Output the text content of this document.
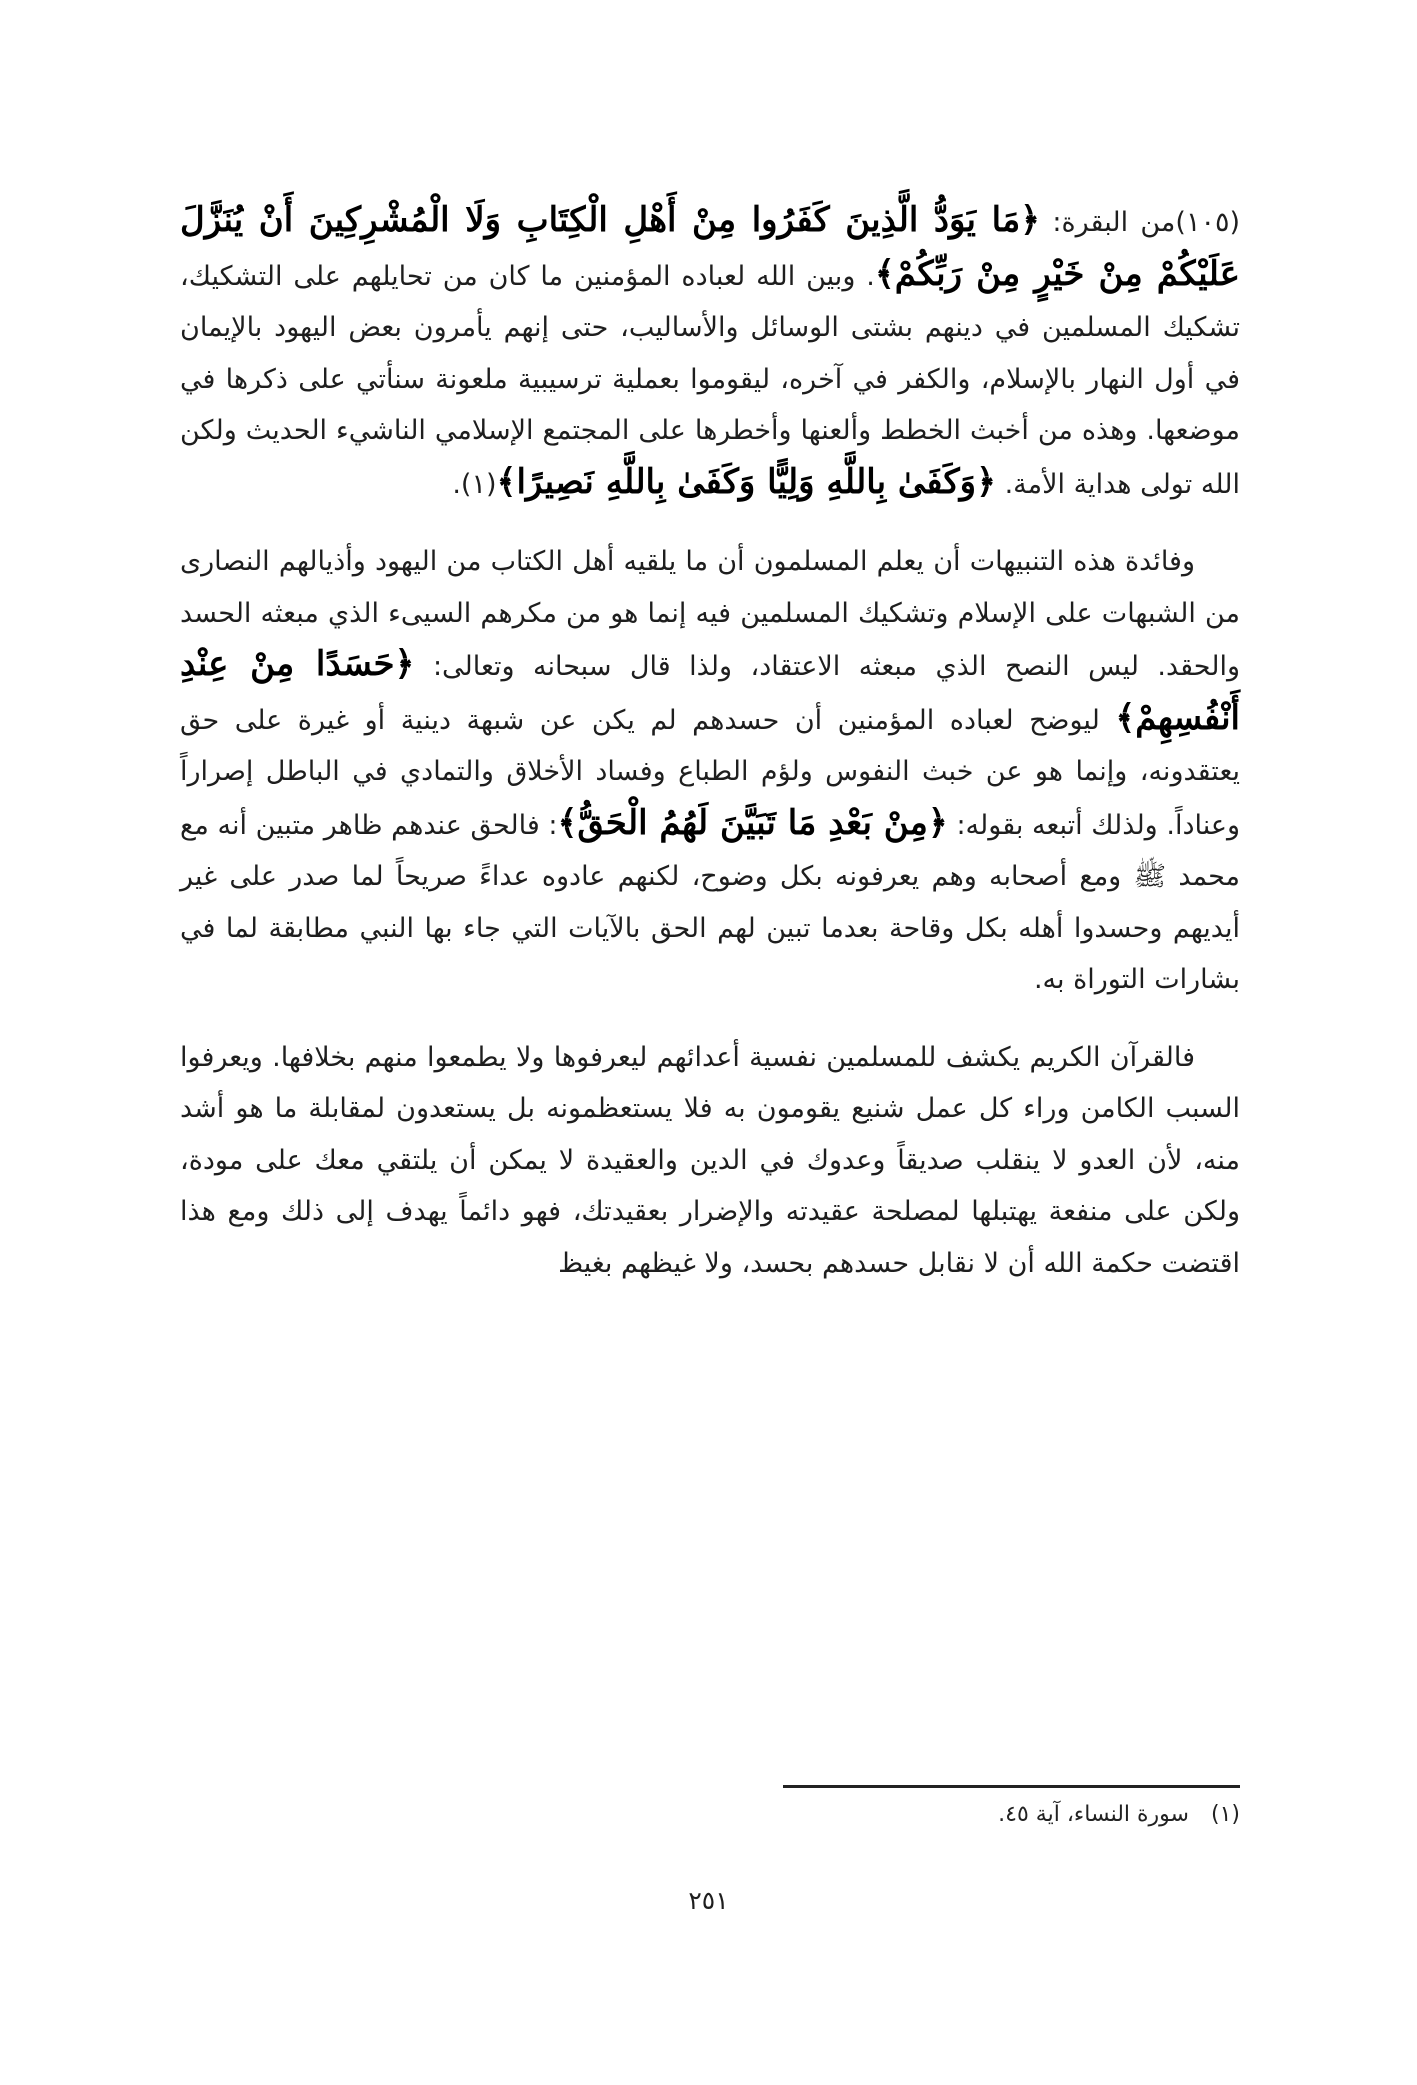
(١٠٥)من البقرة: ﴿مَا يَوَدُّ الَّذِينَ كَفَرُوا مِنْ أَهْلِ الْكِتَابِ وَلَا الْمُشْرِكِينَ أَنْ يُنَزَّلَ عَلَيْكُمْ مِنْ خَيْرٍ مِنْ رَبِّكُمْ﴾. وبين الله لعباده المؤمنين ما كان من تحايلهم على التشكيك، تشكيك المسلمين في دينهم بشتى الوسائل والأساليب، حتى إنهم يأمرون بعض اليهود بالإيمان في أول النهار بالإسلام، والكفر في آخره، ليقوموا بعملية ترسيبية ملعونة سنأتي على ذكرها في موضعها. وهذه من أخبث الخطط وألعنها وأخطرها على المجتمع الإسلامي الناشيء الحديث ولكن الله تولى هداية الأمة. ﴿وَكَفَىٰ بِاللَّهِ وَلِيًّا وَكَفَىٰ بِاللَّهِ نَصِيرًا﴾(١).

وفائدة هذه التنبيهات أن يعلم المسلمون أن ما يلقيه أهل الكتاب من اليهود وأذيالهم النصارى من الشبهات على الإسلام وتشكيك المسلمين فيه إنما هو من مكرهم السيىء الذي مبعثه الحسد والحقد. ليس النصح الذي مبعثه الاعتقاد، ولذا قال سبحانه وتعالى: ﴿حَسَدًا مِنْ عِنْدِ أَنْفُسِهِمْ﴾ ليوضح لعباده المؤمنين أن حسدهم لم يكن عن شبهة دينية أو غيرة على حق يعتقدونه، وإنما هو عن خبث النفوس ولؤم الطباع وفساد الأخلاق والتمادي في الباطل إصراراً وعناداً. ولذلك أتبعه بقوله: ﴿مِنْ بَعْدِ مَا تَبَيَّنَ لَهُمُ الْحَقُّ﴾: فالحق عندهم ظاهر متبين أنه مع محمد ﷺ ومع أصحابه وهم يعرفونه بكل وضوح، لكنهم عادوه عداءً صريحاً لما صدر على غير أيديهم وحسدوا أهله بكل وقاحة بعدما تبين لهم الحق بالآيات التي جاء بها النبي مطابقة لما في بشارات التوراة به.

فالقرآن الكريم يكشف للمسلمين نفسية أعدائهم ليعرفوها ولا يطمعوا منهم بخلافها. ويعرفوا السبب الكامن وراء كل عمل شنيع يقومون به فلا يستعظمونه بل يستعدون لمقابلة ما هو أشد منه، لأن العدو لا ينقلب صديقاً وعدوك في الدين والعقيدة لا يمكن أن يلتقي معك على مودة، ولكن على منفعة يهتبلها لمصلحة عقيدته والإضرار بعقيدتك، فهو دائماً يهدف إلى ذلك ومع هذا اقتضت حكمة الله أن لا نقابل حسدهم بحسد، ولا غيظهم بغيظ

(١)سورة النساء، آية ٤٥.
٢٥١
